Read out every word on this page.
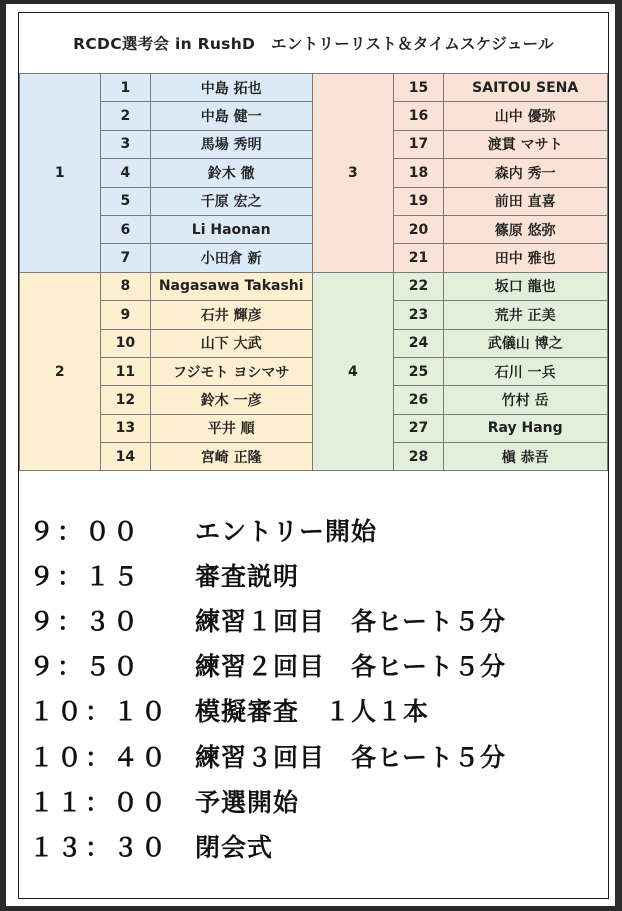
RCDC選考会 in RushD　エントリーリスト＆タイムスケジュール
1	1	中島 拓也	3	15	SAITOU SENA
	2	中島 健一		16	山中 優弥
	3	馬場 秀明		17	渡貫 マサト
	4	鈴木 徹		18	森内 秀一
	5	千原 宏之		19	前田 直喜
	6	Li Haonan		20	篠原 悠弥
	7	小田倉 新		21	田中 雅也
2	8	Nagasawa Takashi	4	22	坂口 龍也
	9	石井 輝彦		23	荒井 正美
	10	山下 大武		24	武儀山 博之
	11	フジモト ヨシマサ		25	石川 一兵
	12	鈴木 一彦		26	竹村 岳
	13	平井 順		27	Ray Hang
	14	宮崎 正隆		28	槇 恭吾
９：００	エントリー開始
９：１５	審査説明
９：３０	練習１回目　各ヒート５分
９：５０	練習２回目　各ヒート５分
１０：１０	模擬審査　１人１本
１０：４０	練習３回目　各ヒート５分
１１：００	予選開始
１３：３０	閉会式
